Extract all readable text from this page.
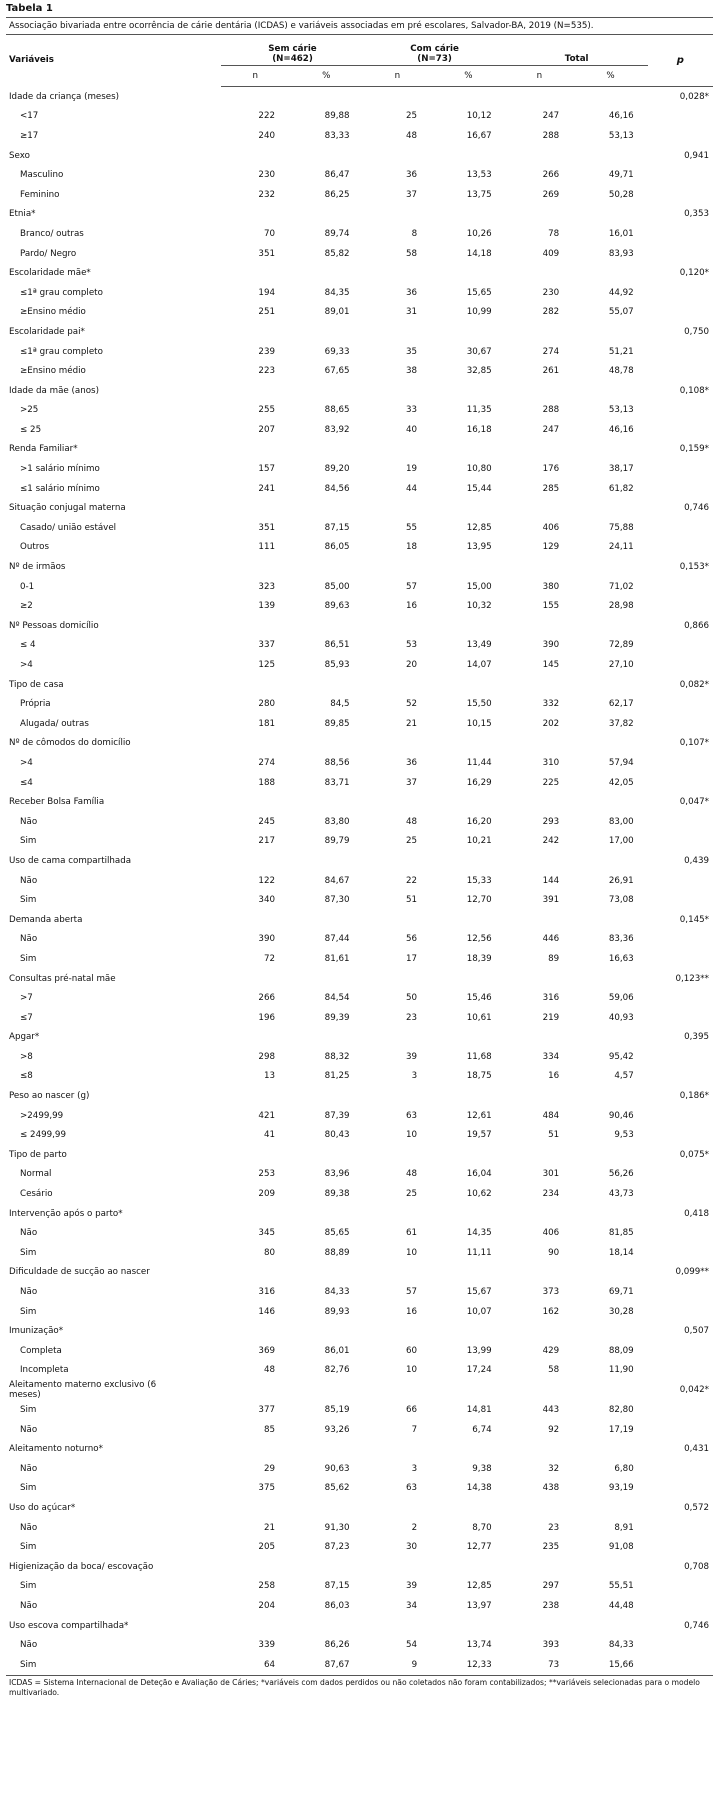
Tabela 1
Associação bivariada entre ocorrência de cárie dentária (ICDAS) e variáveis associadas em pré escolares, Salvador-BA, 2019 (N=535).
Variáveis	Sem cárie
(N=462)		Com cárie
(N=73)		Total		p
	n	%	n	%	n	%	
Idade da criança (meses)							0,028*
<17	222	89,88	25	10,12	247	46,16	
≥17	240	83,33	48	16,67	288	53,13	
Sexo							0,941
Masculino	230	86,47	36	13,53	266	49,71	
Feminino	232	86,25	37	13,75	269	50,28	
Etnia*							0,353
Branco/ outras	70	89,74	8	10,26	78	16,01	
Pardo/ Negro	351	85,82	58	14,18	409	83,93	
Escolaridade mãe*							0,120*
≤1ª grau completo	194	84,35	36	15,65	230	44,92	
≥Ensino médio	251	89,01	31	10,99	282	55,07	
Escolaridade pai*							0,750
≤1ª grau completo	239	69,33	35	30,67	274	51,21	
≥Ensino médio	223	67,65	38	32,85	261	48,78	
Idade da mãe (anos)							0,108*
>25	255	88,65	33	11,35	288	53,13	
≤ 25	207	83,92	40	16,18	247	46,16	
Renda Familiar*							0,159*
>1 salário mínimo	157	89,20	19	10,80	176	38,17	
≤1 salário mínimo	241	84,56	44	15,44	285	61,82	
Situação conjugal materna							0,746
Casado/ união estável	351	87,15	55	12,85	406	75,88	
Outros	111	86,05	18	13,95	129	24,11	
Nº de irmãos							0,153*
0-1	323	85,00	57	15,00	380	71,02	
≥2	139	89,63	16	10,32	155	28,98	
Nº Pessoas domicílio							0,866
≤ 4	337	86,51	53	13,49	390	72,89	
>4	125	85,93	20	14,07	145	27,10	
Tipo de casa							0,082*
Própria	280	84,5	52	15,50	332	62,17	
Alugada/ outras	181	89,85	21	10,15	202	37,82	
Nº de cômodos do domicílio							0,107*
>4	274	88,56	36	11,44	310	57,94	
≤4	188	83,71	37	16,29	225	42,05	
Receber Bolsa Família							0,047*
Não	245	83,80	48	16,20	293	83,00	
Sim	217	89,79	25	10,21	242	17,00	
Uso de cama compartilhada							0,439
Não	122	84,67	22	15,33	144	26,91	
Sim	340	87,30	51	12,70	391	73,08	
Demanda aberta							0,145*
Não	390	87,44	56	12,56	446	83,36	
Sim	72	81,61	17	18,39	89	16,63	
Consultas pré-natal mãe							0,123**
>7	266	84,54	50	15,46	316	59,06	
≤7	196	89,39	23	10,61	219	40,93	
Apgar*							0,395
>8	298	88,32	39	11,68	334	95,42	
≤8	13	81,25	3	18,75	16	4,57	
Peso ao nascer (g)							0,186*
>2499,99	421	87,39	63	12,61	484	90,46	
≤ 2499,99	41	80,43	10	19,57	51	9,53	
Tipo de parto							0,075*
Normal	253	83,96	48	16,04	301	56,26	
Cesário	209	89,38	25	10,62	234	43,73	
Intervenção após o parto*							0,418
Não	345	85,65	61	14,35	406	81,85	
Sim	80	88,89	10	11,11	90	18,14	
Dificuldade de sucção ao nascer							0,099**
Não	316	84,33	57	15,67	373	69,71	
Sim	146	89,93	16	10,07	162	30,28	
Imunização*							0,507
Completa	369	86,01	60	13,99	429	88,09	
Incompleta	48	82,76	10	17,24	58	11,90	
Aleitamento materno exclusivo (6
meses)							0,042*
Sim	377	85,19	66	14,81	443	82,80	
Não	85	93,26	7	6,74	92	17,19	
Aleitamento noturno*							0,431
Não	29	90,63	3	9,38	32	6,80	
Sim	375	85,62	63	14,38	438	93,19	
Uso do açúcar*							0,572
Não	21	91,30	2	8,70	23	8,91	
Sim	205	87,23	30	12,77	235	91,08	
Higienização da boca/ escovação							0,708
Sim	258	87,15	39	12,85	297	55,51	
Não	204	86,03	34	13,97	238	44,48	
Uso escova compartilhada*							0,746
Não	339	86,26	54	13,74	393	84,33	
Sim	64	87,67	9	12,33	73	15,66	
ICDAS = Sistema Internacional de Deteção e Avaliação de Cáries; *variáveis com dados perdidos ou não coletados não foram contabilizados; **variáveis selecionadas para o modelo multivariado.
